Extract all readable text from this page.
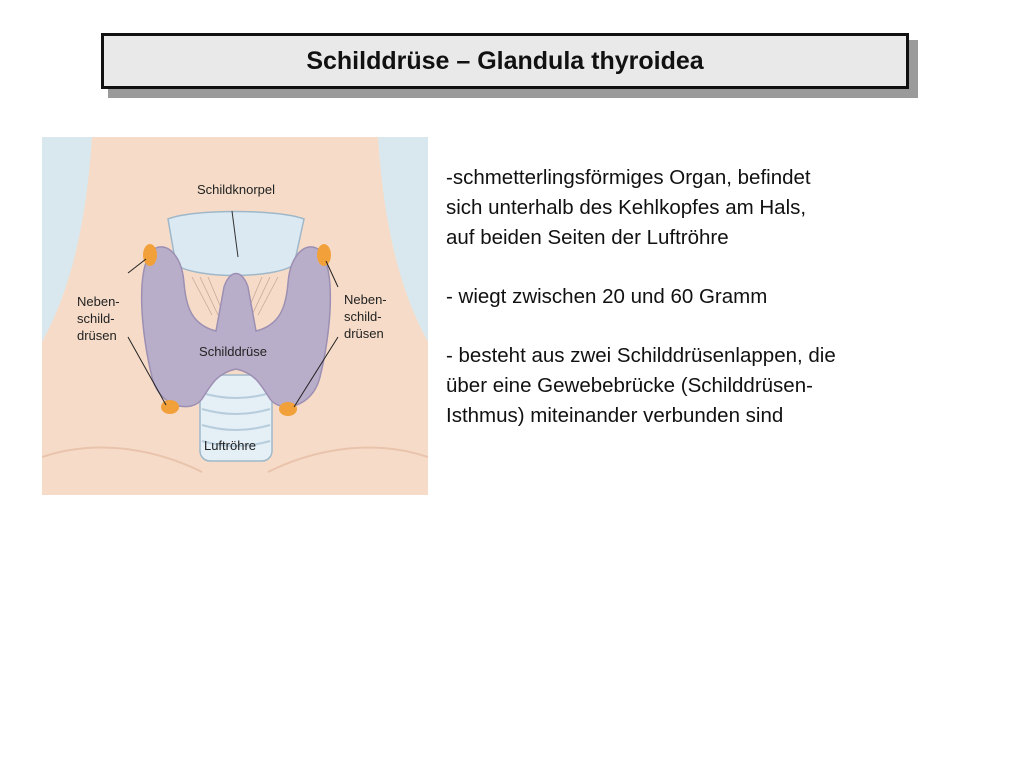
Schilddrüse – Glandula thyroidea
Schildknorpel
Neben-
schild-
drüsen
Neben-
schild-
drüsen
Schilddrüse
Luftröhre

-schmetterlingsförmiges Organ, befindet
sich unterhalb des Kehlkopfes am Hals,
auf beiden Seiten der Luftröhre

- wiegt zwischen 20 und 60 Gramm

- besteht aus zwei Schilddrüsenlappen, die
über eine Gewebebrücke (Schilddrüsen-
Isthmus) miteinander verbunden sind
